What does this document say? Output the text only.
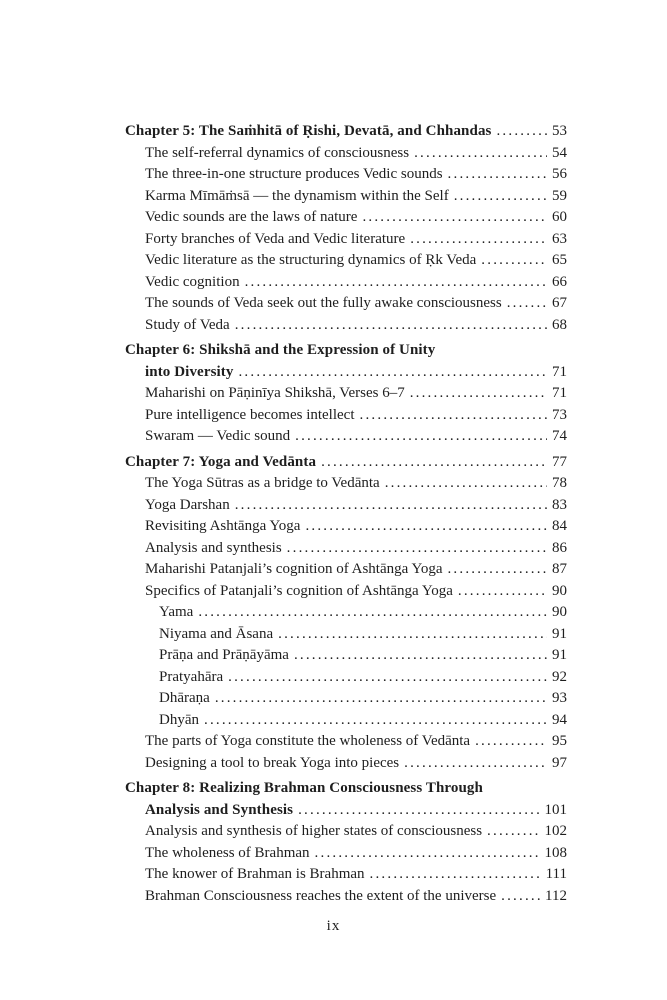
Chapter 5: The Saṁhitā of Ṛishi, Devatā, and Chhandas .....	53
The self-referral dynamics of consciousness .....	54
The three-in-one structure produces Vedic sounds .....	56
Karma Mīmāṁsā — the dynamism within the Self .....	59
Vedic sounds are the laws of nature .....	60
Forty branches of Veda and Vedic literature .....	63
Vedic literature as the structuring dynamics of Ṛk Veda .....	65
Vedic cognition .....	66
The sounds of Veda seek out the fully awake consciousness .....	67
Study of Veda .....	68
Chapter 6: Shikshā and the Expression of Unity
into Diversity .....	71
Maharishi on Pāṇinīya Shikshā, Verses 6–7 .....	71
Pure intelligence becomes intellect .....	73
Swaram — Vedic sound .....	74
Chapter 7: Yoga and Vedānta .....	77
The Yoga Sūtras as a bridge to Vedānta .....	78
Yoga Darshan .....	83
Revisiting Ashtānga Yoga .....	84
Analysis and synthesis .....	86
Maharishi Patanjali’s cognition of Ashtānga Yoga .....	87
Specifics of Patanjali’s cognition of Ashtānga Yoga .....	90
Yama .....	90
Niyama and Āsana .....	91
Prāṇa and Prāṇāyāma .....	91
Pratyahāra .....	92
Dhāraṇa .....	93
Dhyān .....	94
The parts of Yoga constitute the wholeness of Vedānta .....	95
Designing a tool to break Yoga into pieces .....	97
Chapter 8: Realizing Brahman Consciousness Through
Analysis and Synthesis .....	101
Analysis and synthesis of higher states of consciousness .....	102
The wholeness of Brahman .....	108
The knower of Brahman is Brahman .....	111
Brahman Consciousness reaches the extent of the universe .....	112
ix
